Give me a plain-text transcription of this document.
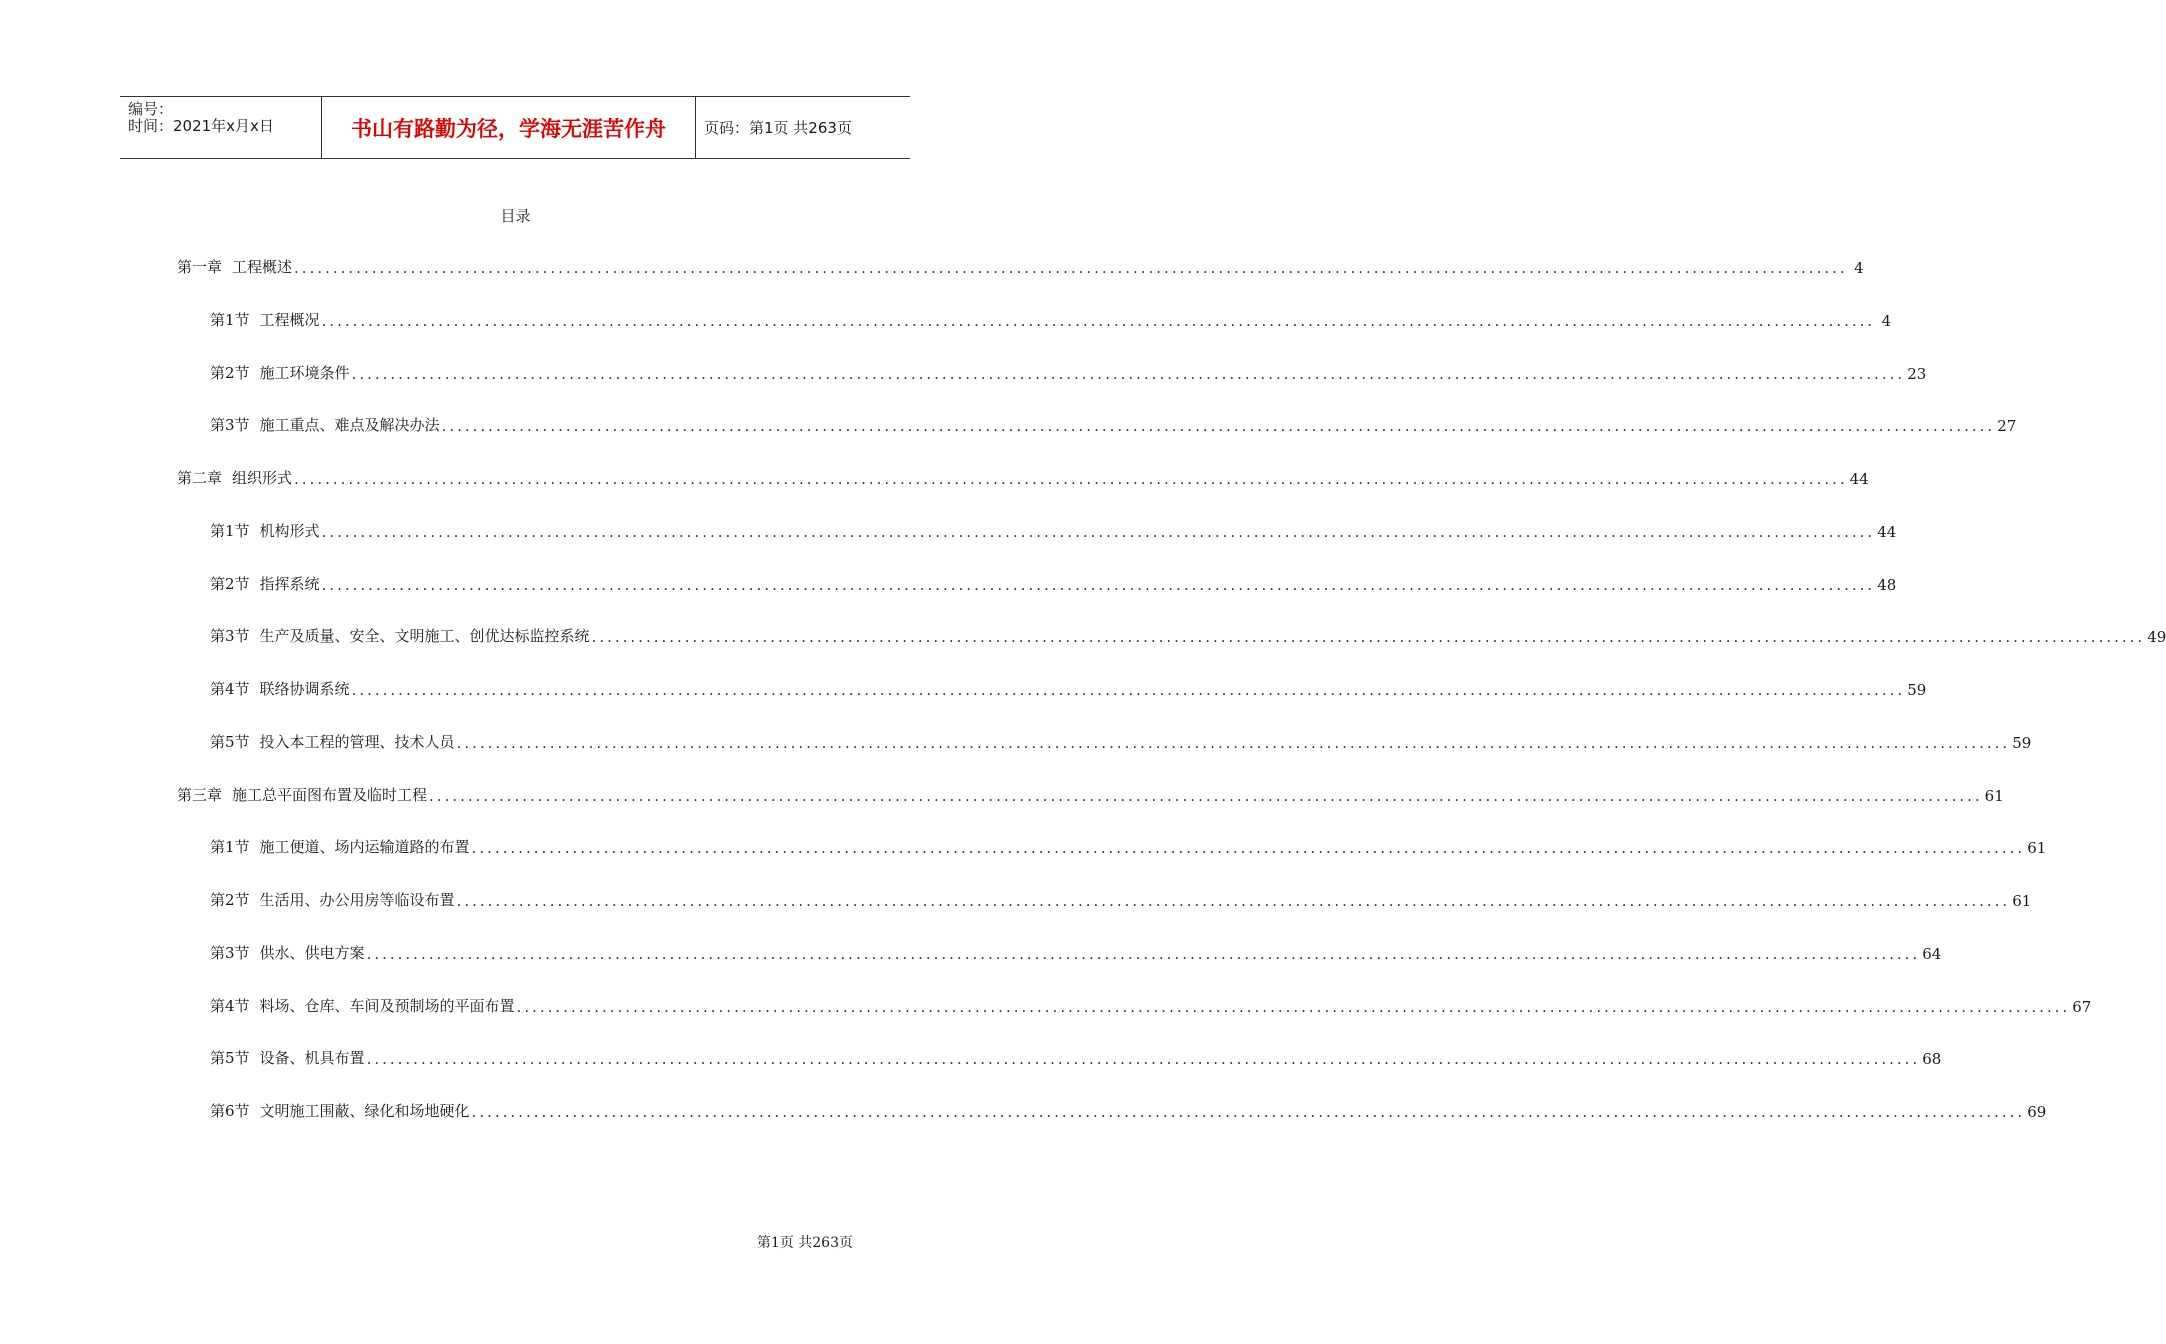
编号：
时间：2021年x月x日	书山有路勤为径，学海无涯苦作舟	页码：第1页 共263页
目录
第一章 工程概述 ........................................................................................................................................................................................................ 4
第1节 工程概况 ........................................................................................................................................................................................................ 4
第2节 施工环境条件 ........................................................................................................................................................................................................ 23
第3节 施工重点、难点及解决办法 ........................................................................................................................................................................................................ 27
第二章 组织形式 ........................................................................................................................................................................................................ 44
第1节 机构形式 ........................................................................................................................................................................................................ 44
第2节 指挥系统 ........................................................................................................................................................................................................ 48
第3节 生产及质量、安全、文明施工、创优达标监控系统 ........................................................................................................................................................................................................ 49
第4节 联络协调系统 ........................................................................................................................................................................................................ 59
第5节 投入本工程的管理、技术人员 ........................................................................................................................................................................................................ 59
第三章 施工总平面图布置及临时工程 ........................................................................................................................................................................................................ 61
第1节 施工便道、场内运输道路的布置 ........................................................................................................................................................................................................ 61
第2节 生活用、办公用房等临设布置 ........................................................................................................................................................................................................ 61
第3节 供水、供电方案 ........................................................................................................................................................................................................ 64
第4节 料场、仓库、车间及预制场的平面布置 ........................................................................................................................................................................................................ 67
第5节 设备、机具布置 ........................................................................................................................................................................................................ 68
第6节 文明施工围蔽、绿化和场地硬化 ........................................................................................................................................................................................................ 69
第1页 共263页
